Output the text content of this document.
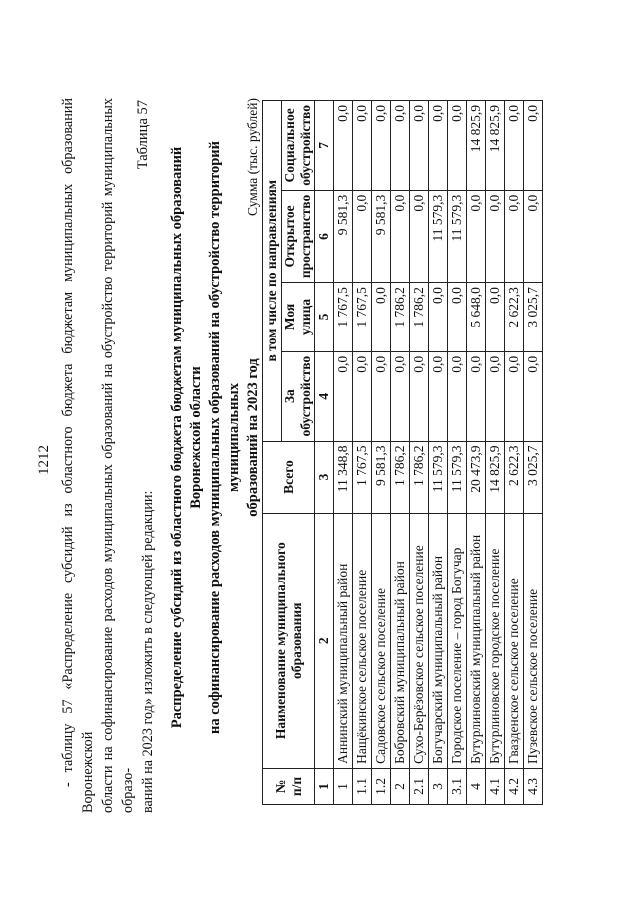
1212 - таблицу 57 «Распределение субсидий из областного бюджета бюджетам муниципальных образований Воронежской области на софинансирование расходов муниципальных образований на обустройство территорий муниципальных образо- ваний на 2023 год» изложить в следующей редакции:

Таблица 57
Распределение субсидий из областного бюджета бюджетам муниципальных образований Воронежской области на софинансирование расходов муниципальных образований на обустройство территорий муниципальных образований на 2023 год
Сумма (тыс. рублей)
№ п/п	Наименование муниципального образования	Всего	в том числе по направлениям			
			За обустройство	Моя улица	Открытое пространство	Социальное обустройство
1	2	3	4	5	6	7
1	Аннинский муниципальный район	11 348,8	0,0	1 767,5	9 581,3	0,0
1.1	Нащёкинское сельское поселение	1 767,5	0,0	1 767,5	0,0	0,0
1.2	Садовское сельское поселение	9 581,3	0,0	0,0	9 581,3	0,0
2	Бобровский муниципальный район	1 786,2	0,0	1 786,2	0,0	0,0
2.1	Сухо-Берёзовское сельское поселение	1 786,2	0,0	1 786,2	0,0	0,0
3	Богучарский муниципальный район	11 579,3	0,0	0,0	11 579,3	0,0
3.1	Городское поселение – город Богучар	11 579,3	0,0	0,0	11 579,3	0,0
4	Бутурлиновский муниципальный район	20 473,9	0,0	5 648,0	0,0	14 825,9
4.1	Бутурлиновское городское поселение	14 825,9	0,0	0,0	0,0	14 825,9
4.2	Гвазденское сельское поселение	2 622,3	0,0	2 622,3	0,0	0,0
4.3	Пузевское сельское поселение	3 025,7	0,0	3 025,7	0,0	0,0
